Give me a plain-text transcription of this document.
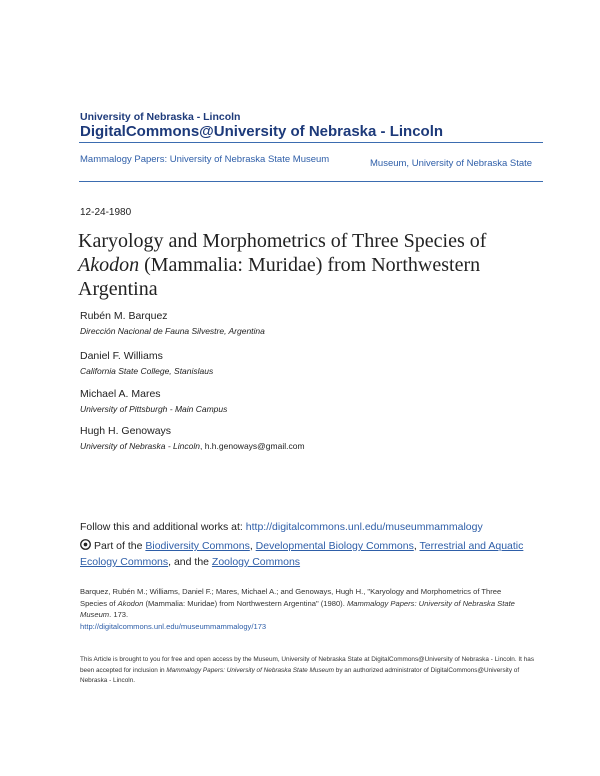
University of Nebraska - Lincoln
DigitalCommons@University of Nebraska - Lincoln
Mammalogy Papers: University of Nebraska State Museum	Museum, University of Nebraska State
12-24-1980
Karyology and Morphometrics of Three Species of
Akodon (Mammalia: Muridae) from Northwestern Argentina
Rubén M. Barquez
Dirección Nacional de Fauna Silvestre, Argentina
Daniel F. Williams
California State College, Stanislaus
Michael A. Mares
University of Pittsburgh - Main Campus
Hugh H. Genoways
University of Nebraska - Lincoln, h.h.genoways@gmail.com
Follow this and additional works at: http://digitalcommons.unl.edu/museummammalogy
Part of the Biodiversity Commons, Developmental Biology Commons, Terrestrial and Aquatic Ecology Commons, and the Zoology Commons
Barquez, Rubén M.; Williams, Daniel F.; Mares, Michael A.; and Genoways, Hugh H., "Karyology and Morphometrics of Three Species of Akodon (Mammalia: Muridae) from Northwestern Argentina" (1980). Mammalogy Papers: University of Nebraska State Museum. 173.
http://digitalcommons.unl.edu/museummammalogy/173
This Article is brought to you for free and open access by the Museum, University of Nebraska State at DigitalCommons@University of Nebraska - Lincoln. It has been accepted for inclusion in Mammalogy Papers: University of Nebraska State Museum by an authorized administrator of DigitalCommons@University of Nebraska - Lincoln.
